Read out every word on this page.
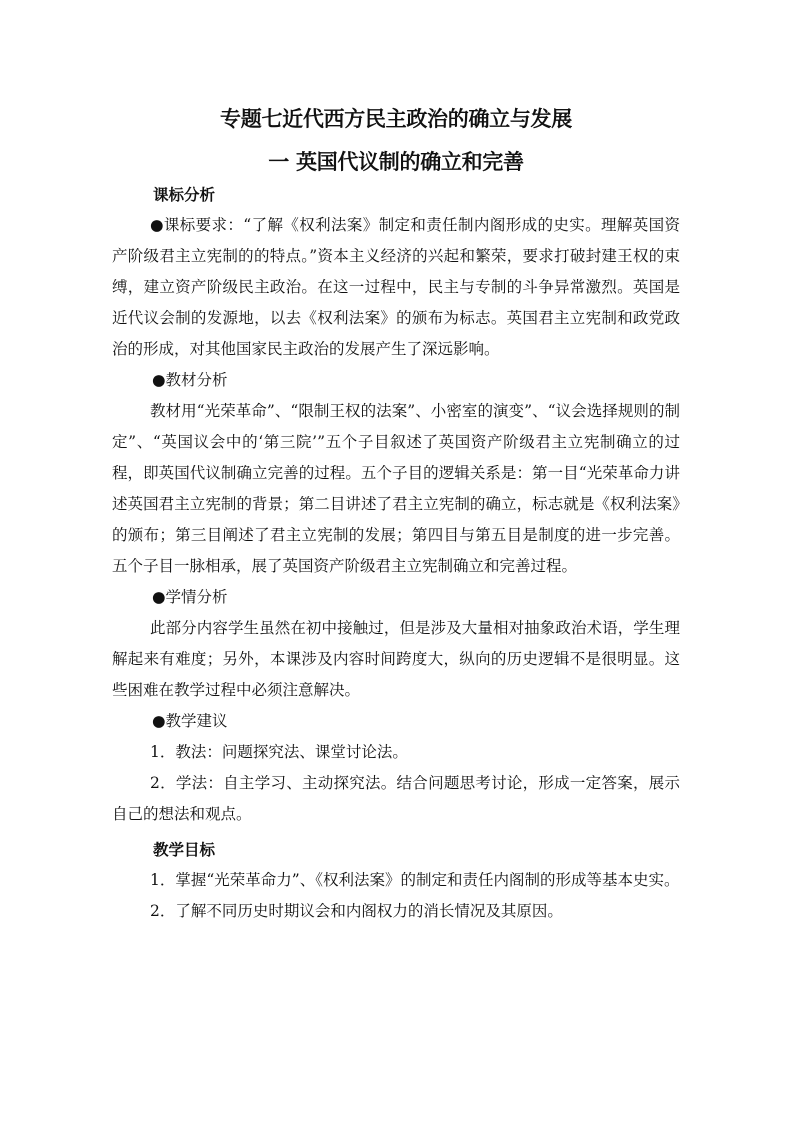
专题七近代西方民主政治的确立与发展
一 英国代议制的确立和完善
课标分析

●课标要求：“了解《权利法案》制定和责任制内阁形成的史实。理解英国资产阶级君主立宪制的的特点。”资本主义经济的兴起和繁荣，要求打破封建王权的束缚，建立资产阶级民主政治。在这一过程中，民主与专制的斗争异常激烈。英国是近代议会制的发源地，以去《权利法案》的颁布为标志。英国君主立宪制和政党政治的形成，对其他国家民主政治的发展产生了深远影响。

●教材分析

教材用“光荣革命”、“限制王权的法案”、小密室的演变”、“议会选择规则的制定”、“英国议会中的‘第三院’”五个子目叙述了英国资产阶级君主立宪制确立的过程，即英国代议制确立完善的过程。五个子目的逻辑关系是：第一目“光荣革命力讲述英国君主立宪制的背景；第二目讲述了君主立宪制的确立，标志就是《权利法案》的颁布；第三目阐述了君主立宪制的发展；第四目与第五目是制度的进一步完善。五个子目一脉相承，展了英国资产阶级君主立宪制确立和完善过程。

●学情分析

此部分内容学生虽然在初中接触过，但是涉及大量相对抽象政治术语，学生理解起来有难度；另外，本课涉及内容时间跨度大，纵向的历史逻辑不是很明显。这些困难在教学过程中必须注意解决。

●教学建议

1．教法：问题探究法、课堂讨论法。

2．学法：自主学习、主动探究法。结合问题思考讨论，形成一定答案，展示自己的想法和观点。

教学目标

1．掌握“光荣革命力”、《权利法案》的制定和责任内阁制的形成等基本史实。

2．了解不同历史时期议会和内阁权力的消长情况及其原因。
